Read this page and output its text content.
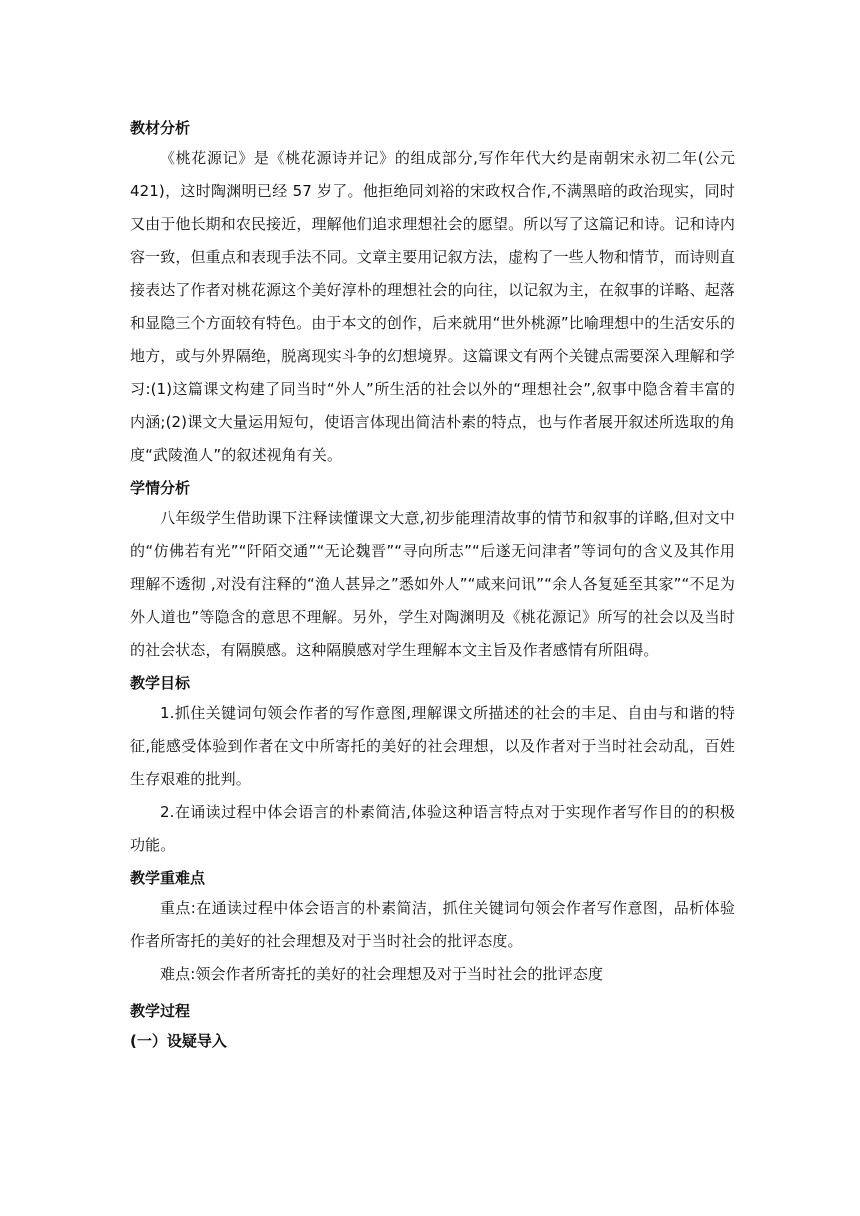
教材分析

《桃花源记》是《桃花源诗并记》的组成部分,写作年代大约是南朝宋永初二年(公元 421)，这时陶渊明已经 57 岁了。他拒绝同刘裕的宋政权合作,不满黑暗的政治现实，同时又由于他长期和农民接近，理解他们追求理想社会的愿望。所以写了这篇记和诗。记和诗内容一致，但重点和表现手法不同。文章主要用记叙方法，虚构了一些人物和情节，而诗则直接表达了作者对桃花源这个美好淳朴的理想社会的向往，以记叙为主，在叙事的详略、起落和显隐三个方面较有特色。由于本文的创作，后来就用“世外桃源”比喻理想中的生活安乐的地方，或与外界隔绝，脱离现实斗争的幻想境界。这篇课文有两个关键点需要深入理解和学习:(1)这篇课文构建了同当时“外人”所生活的社会以外的“理想社会”,叙事中隐含着丰富的内涵;(2)课文大量运用短句，使语言体现出简洁朴素的特点，也与作者展开叙述所选取的角度“武陵渔人”的叙述视角有关。

学情分析

八年级学生借助课下注释读懂课文大意,初步能理清故事的情节和叙事的详略,但对文中的“仿佛若有光”“阡陌交通”“无论魏晋”“寻向所志”“后遂无问津者”等词句的含义及其作用理解不透彻 ,对没有注释的“渔人甚异之”悉如外人”“咸来问讯”“余人各复延至其家”“不足为外人道也”等隐含的意思不理解。另外，学生对陶渊明及《桃花源记》所写的社会以及当时的社会状态，有隔膜感。这种隔膜感对学生理解本文主旨及作者感情有所阻碍。

教学目标

1.抓住关键词句领会作者的写作意图,理解课文所描述的社会的丰足、自由与和谐的特征,能感受体验到作者在文中所寄托的美好的社会理想，以及作者对于当时社会动乱，百姓生存艰难的批判。

2.在诵读过程中体会语言的朴素简洁,体验这种语言特点对于实现作者写作目的的积极功能。

教学重难点

重点:在通读过程中体会语言的朴素简洁，抓住关键词句领会作者写作意图，品析体验作者所寄托的美好的社会理想及对于当时社会的批评态度。

难点:领会作者所寄托的美好的社会理想及对于当时社会的批评态度

教学过程
(一）设疑导入
